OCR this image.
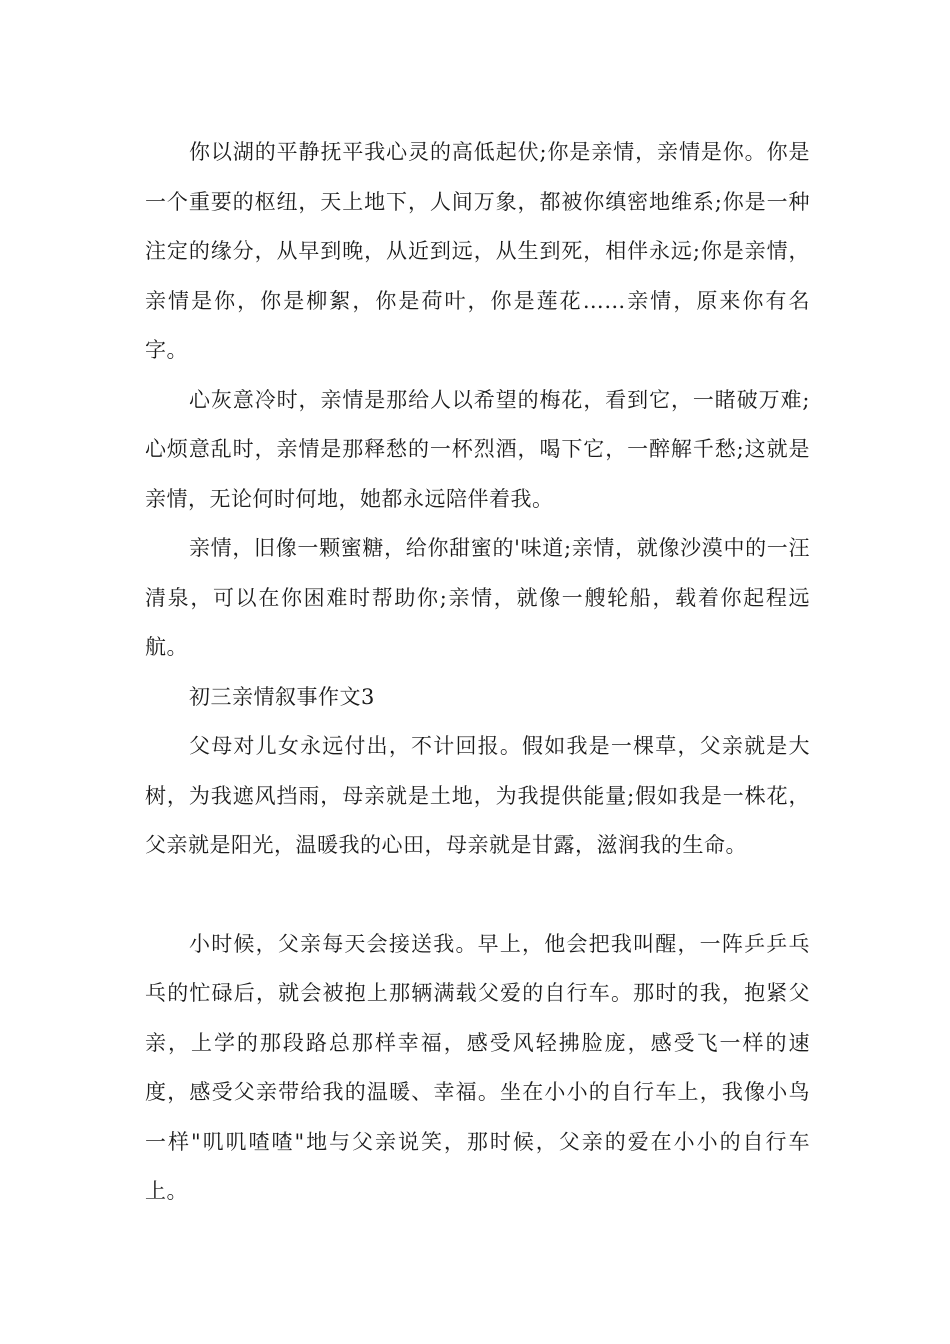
你以湖的平静抚平我心灵的高低起伏;你是亲情，亲情是你。你是一个重要的枢纽，天上地下，人间万象，都被你缜密地维系;你是一种注定的缘分，从早到晚，从近到远，从生到死，相伴永远;你是亲情，亲情是你，你是柳絮，你是荷叶，你是莲花……亲情，原来你有名字。

心灰意冷时，亲情是那给人以希望的梅花，看到它，一睹破万难;心烦意乱时，亲情是那释愁的一杯烈酒，喝下它，一醉解千愁;这就是亲情，无论何时何地，她都永远陪伴着我。

亲情，旧像一颗蜜糖，给你甜蜜的'味道;亲情，就像沙漠中的一汪清泉，可以在你困难时帮助你;亲情，就像一艘轮船，载着你起程远航。

初三亲情叙事作文3

父母对儿女永远付出，不计回报。假如我是一棵草，父亲就是大树，为我遮风挡雨，母亲就是土地，为我提供能量;假如我是一株花，父亲就是阳光，温暖我的心田，母亲就是甘露，滋润我的生命。

小时候，父亲每天会接送我。早上，他会把我叫醒，一阵乒乒乓乓的忙碌后，就会被抱上那辆满载父爱的自行车。那时的我，抱紧父亲，上学的那段路总那样幸福，感受风轻拂脸庞，感受飞一样的速度，感受父亲带给我的温暖、幸福。坐在小小的自行车上，我像小鸟一样"叽叽喳喳"地与父亲说笑，那时候，父亲的爱在小小的自行车上。
